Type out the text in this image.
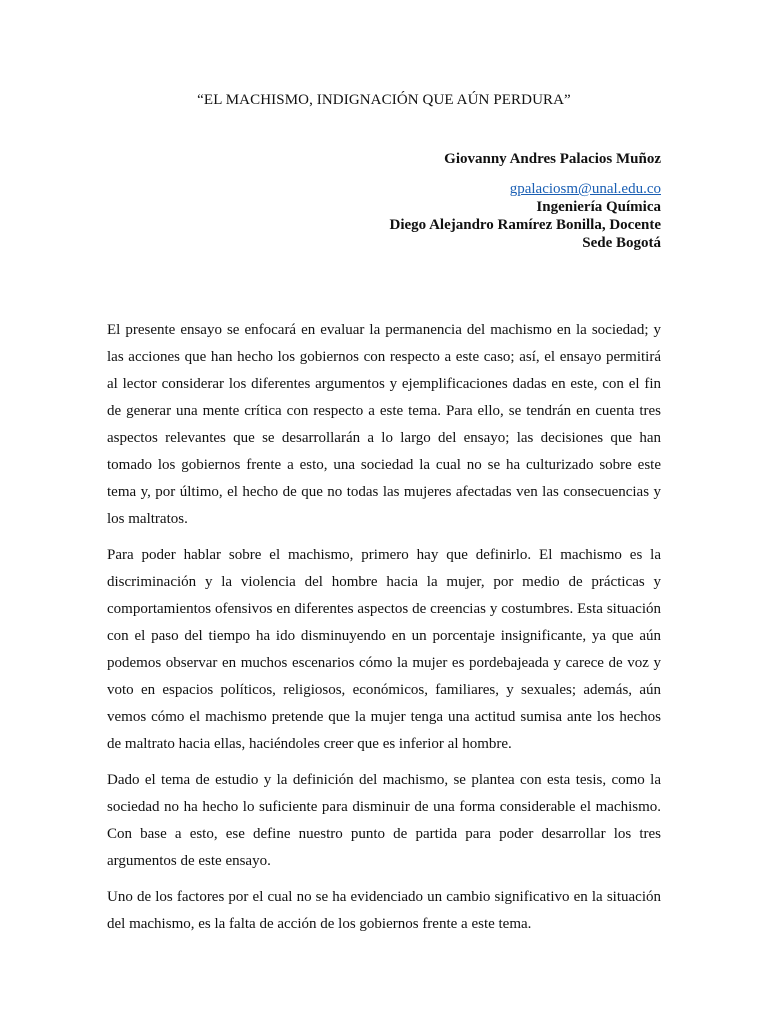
“EL MACHISMO, INDIGNACIÓN QUE AÚN PERDURA”
Giovanny Andres Palacios Muñoz
gpalaciosm@unal.edu.co
Ingeniería Química
Diego Alejandro Ramírez Bonilla, Docente
Sede Bogotá

El presente ensayo se enfocará en evaluar la permanencia del machismo en la sociedad; y las acciones que han hecho los gobiernos con respecto a este caso; así, el ensayo permitirá al lector considerar los diferentes argumentos y ejemplificaciones dadas en este, con el fin de generar una mente crítica con respecto a este tema. Para ello, se tendrán en cuenta tres aspectos relevantes que se desarrollarán a lo largo del ensayo; las decisiones que han tomado los gobiernos frente a esto, una sociedad la cual no se ha culturizado sobre este tema y, por último, el hecho de que no todas las mujeres afectadas ven las consecuencias y los maltratos.

Para poder hablar sobre el machismo, primero hay que definirlo. El machismo es la discriminación y la violencia del hombre hacia la mujer, por medio de prácticas y comportamientos ofensivos en diferentes aspectos de creencias y costumbres. Esta situación con el paso del tiempo ha ido disminuyendo en un porcentaje insignificante, ya que aún podemos observar en muchos escenarios cómo la mujer es pordebajeada y carece de voz y voto en espacios políticos, religiosos, económicos, familiares, y sexuales; además, aún vemos cómo el machismo pretende que la mujer tenga una actitud sumisa ante los hechos de maltrato hacia ellas, haciéndoles creer que es inferior al hombre.

Dado el tema de estudio y la definición del machismo, se plantea con esta tesis, como la sociedad no ha hecho lo suficiente para disminuir de una forma considerable el machismo. Con base a esto, ese define nuestro punto de partida para poder desarrollar los tres argumentos de este ensayo.

Uno de los factores por el cual no se ha evidenciado un cambio significativo en la situación del machismo, es la falta de acción de los gobiernos frente a este tema.
